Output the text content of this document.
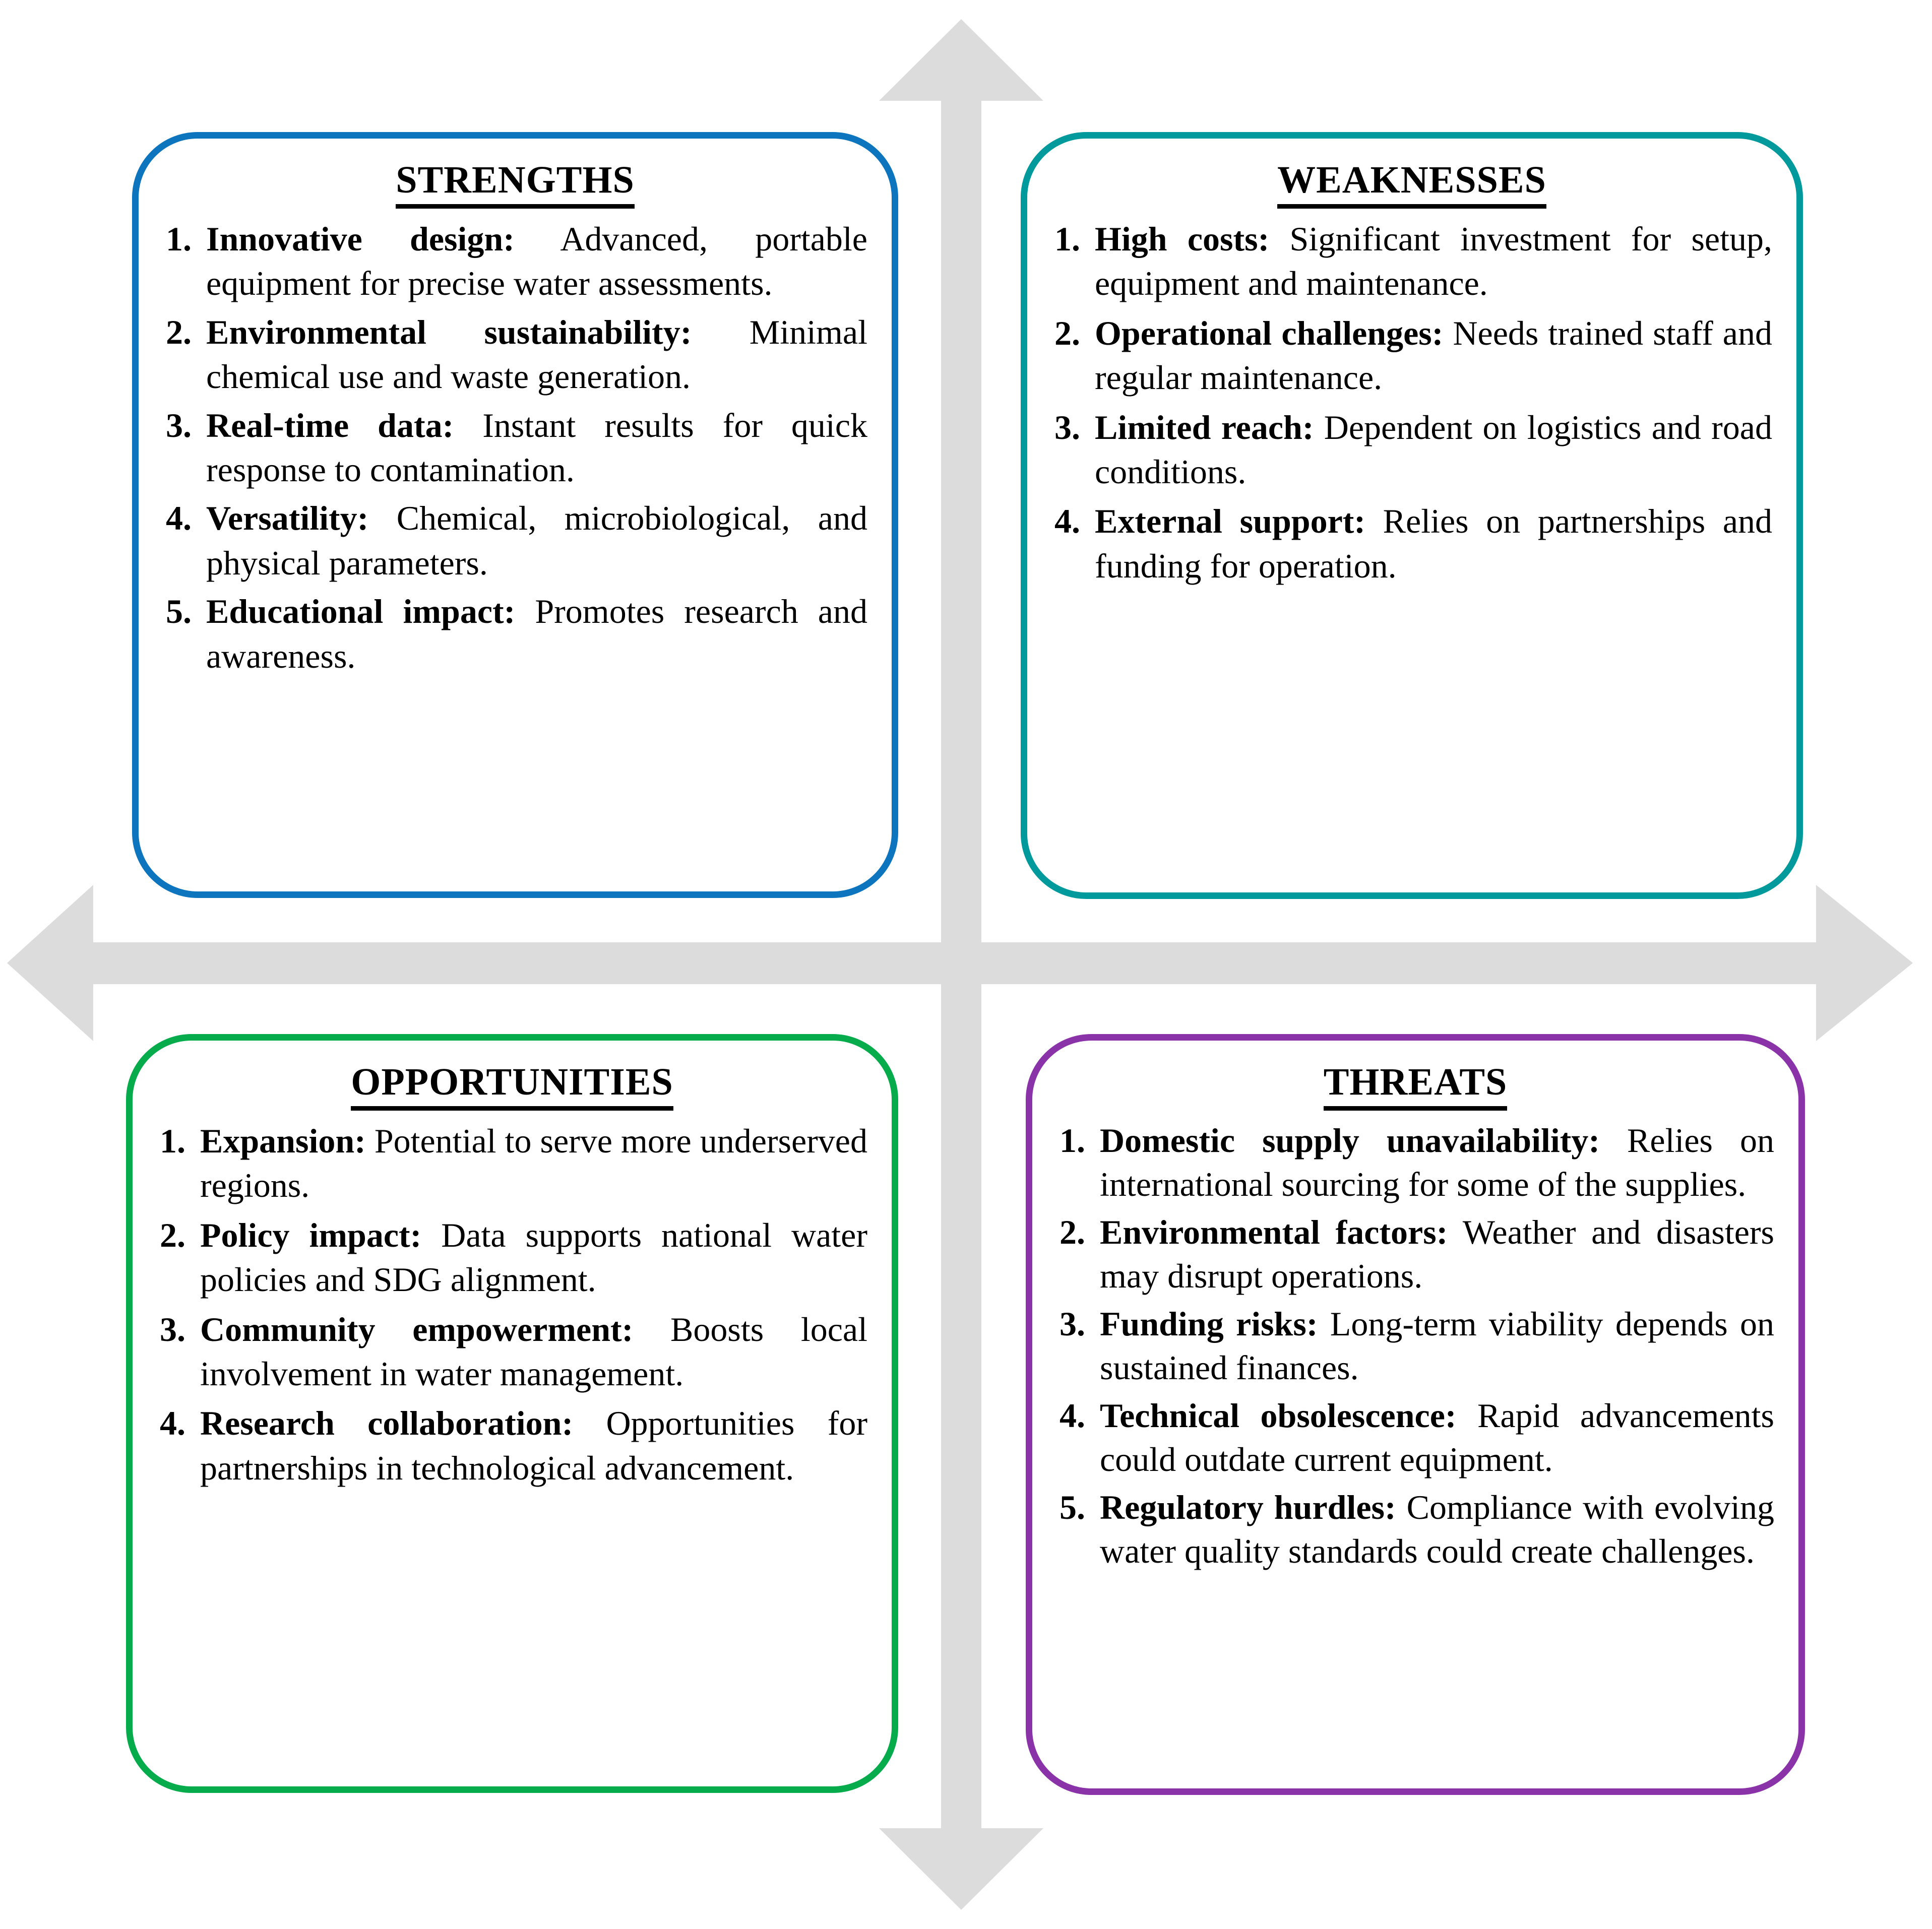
STRENGTHS
1. Innovative design: Advanced, portable equipment for precise water assessments.
2. Environmental sustainability: Minimal chemical use and waste generation.
3. Real-time data: Instant results for quick response to contamination.
4. Versatility: Chemical, microbiological, and physical parameters.
5. Educational impact: Promotes research and awareness.
WEAKNESSES
1. High costs: Significant investment for setup, equipment and maintenance.
2. Operational challenges: Needs trained staff and regular maintenance.
3. Limited reach: Dependent on logistics and road conditions.
4. External support: Relies on partnerships and funding for operation.
OPPORTUNITIES
1. Expansion: Potential to serve more underserved regions.
2. Policy impact: Data supports national water policies and SDG alignment.
3. Community empowerment: Boosts local involvement in water management.
4. Research collaboration: Opportunities for partnerships in technological advancement.
THREATS
1. Domestic supply unavailability: Relies on international sourcing for some of the supplies.
2. Environmental factors: Weather and disasters may disrupt operations.
3. Funding risks: Long-term viability depends on sustained finances.
4. Technical obsolescence: Rapid advancements could outdate current equipment.
5. Regulatory hurdles: Compliance with evolving water quality standards could create challenges.
